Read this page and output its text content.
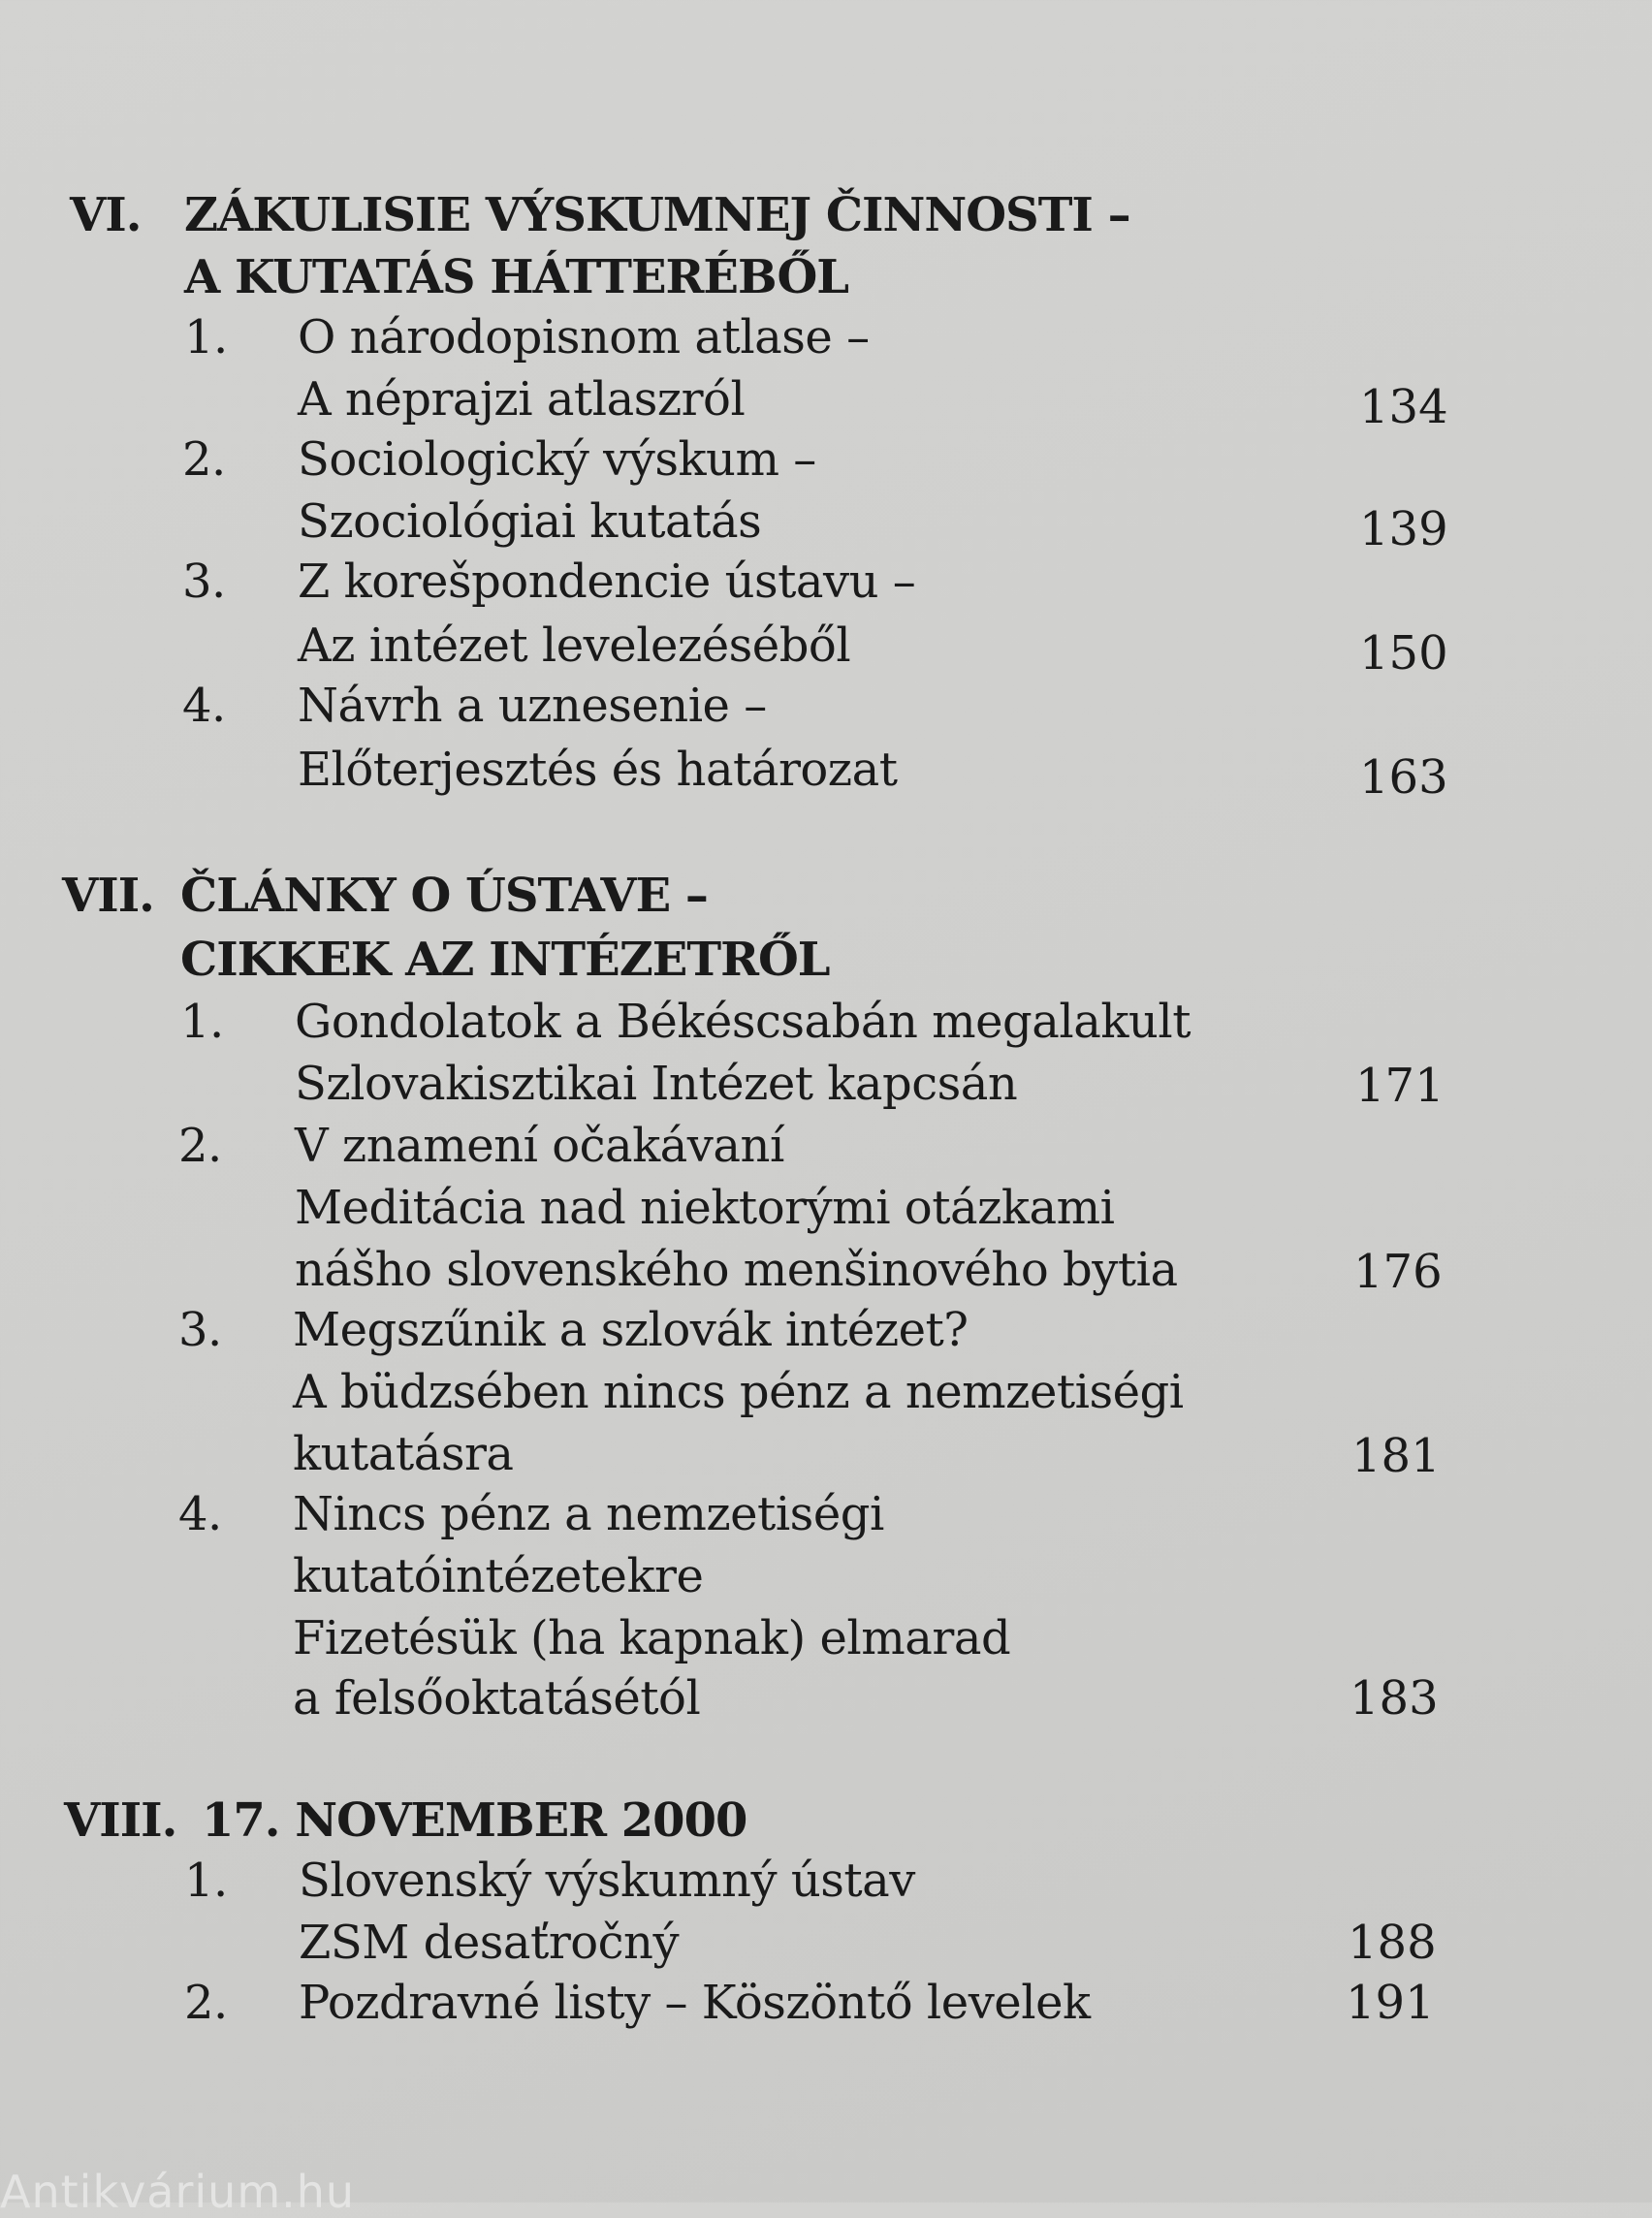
VI. ZÁKULISIE VÝSKUMNEJ ČINNOSTI –
A KUTATÁS HÁTTERÉBŐL
1. O národopisnom atlase –
A néprajzi atlaszról	134
2. Sociologický výskum –
Szociológiai kutatás	139
3. Z korešpondencie ústavu –
Az intézet levelezéséből	150
4. Návrh a uznesenie –
Előterjesztés és határozat	163
VII. ČLÁNKY O ÚSTAVE –
CIKKEK AZ INTÉZETRŐL
1. Gondolatok a Békéscsabán megalakult
Szlovakisztikai Intézet kapcsán	171
2. V znamení očakávaní
Meditácia nad niektorými otázkami
nášho slovenského menšinového bytia	176
3. Megszűnik a szlovák intézet?
A büdzsében nincs pénz a nemzetiségi
kutatásra	181
4. Nincs pénz a nemzetiségi
kutatóintézetekre
Fizetésük (ha kapnak) elmarad
a felsőoktatásétól	183
VIII. 17. NOVEMBER 2000
1. Slovenský výskumný ústav
ZSM desaťročný	188
2. Pozdravné listy – Köszöntő levelek	191
Antikvárium.hu
